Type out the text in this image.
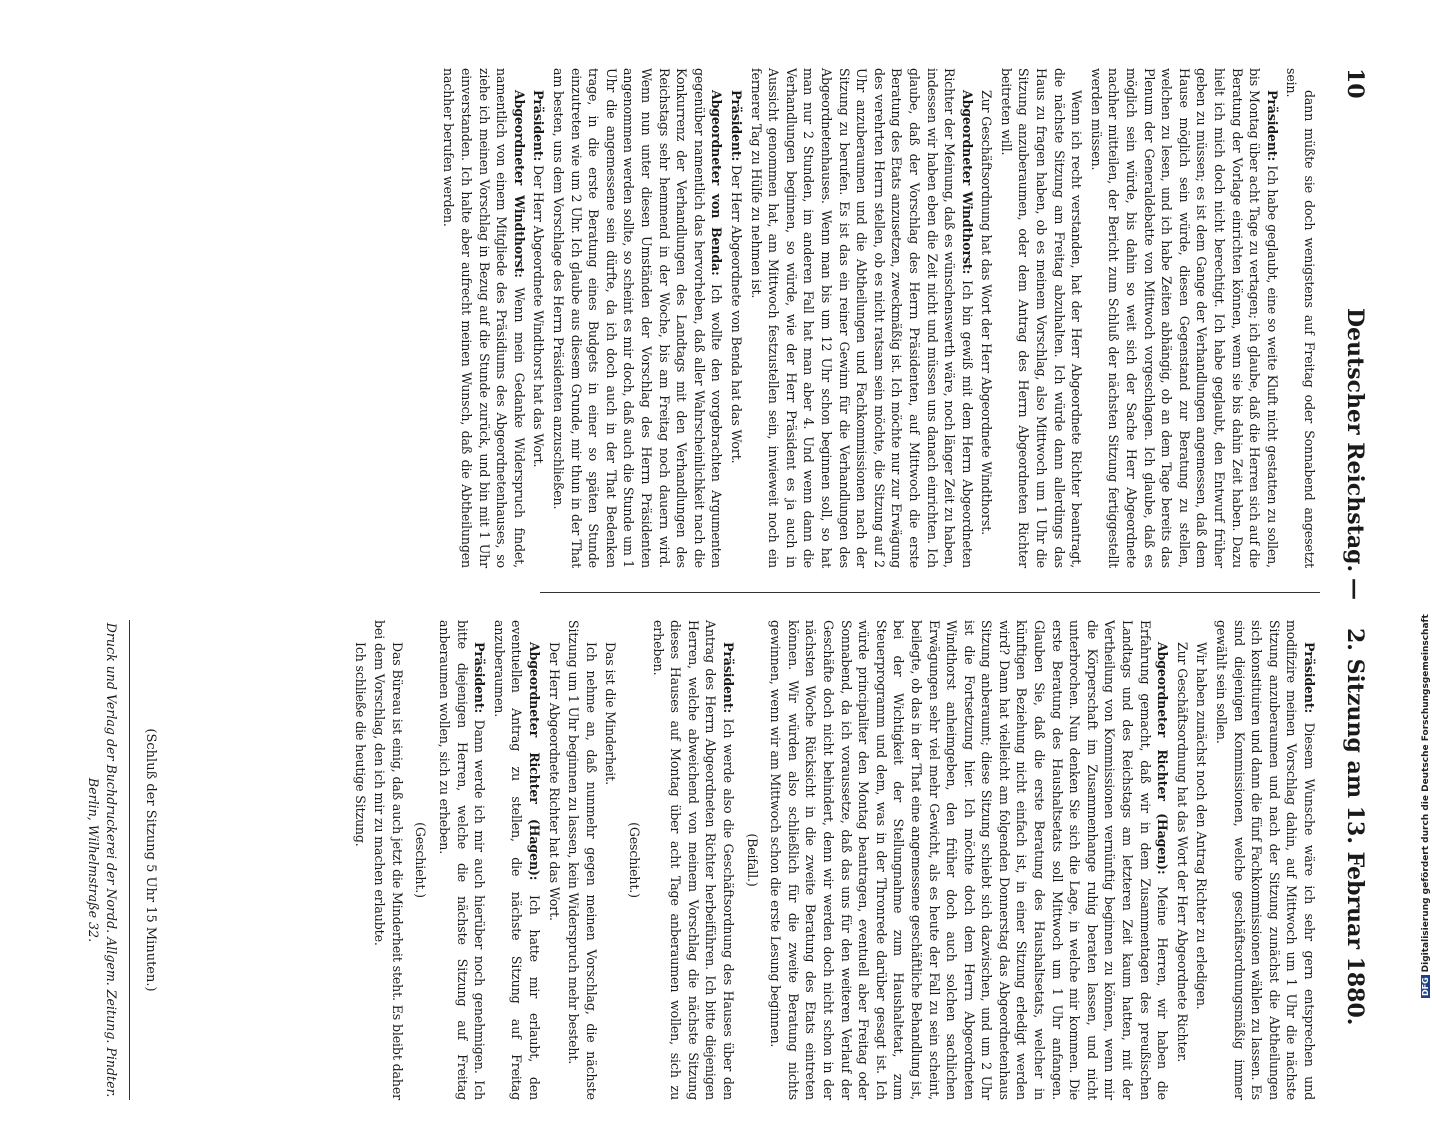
10
Deutscher Reichstag.
—
2. Sitzung am 13. Februar 1880.

dann müßte sie doch wenigstens auf Freitag oder Sonnabend angesetzt sein.

Präsident: Ich habe geglaubt, eine so weite Kluft nicht gestatten zu sollen, bis Montag über acht Tage zu vertagen; ich glaube, daß die Herren sich auf die Beratung der Vorlage einrichten können, wenn sie bis dahin Zeit haben. Dazu hielt ich mich doch nicht berechtigt. Ich habe geglaubt, den Entwurf früher geben zu müssen; es ist dem Gange der Verhandlungen angemessen, daß dem Hause möglich sein würde, diesen Gegenstand zur Beratung zu stellen, welchen zu lesen, und ich habe Zeiten abhängig, ob an dem Tage bereits das Plenum der Generaldebatte von Mittwoch vorgeschlagen. Ich glaube, daß es möglich sein würde, bis dahin so weit sich der Sache Herr Abgeordnete nachher mitteilen, der Bericht zum Schluß der nächsten Sitzung fertiggestellt werden müssen.

Wenn ich recht verstanden, hat der Herr Abgeordnete Richter beantragt, die nächste Sitzung am Freitag abzuhalten. Ich würde dann allerdings das Haus zu fragen haben, ob es meinem Vorschlag, also Mittwoch um 1 Uhr die Sitzung anzuberaumen, oder dem Antrag des Herrn Abgeordneten Richter beitreten will.

Zur Geschäftsordnung hat das Wort der Herr Abgeordnete Windthorst.

Abgeordneter Windthorst: Ich bin gewiß mit dem Herrn Abgeordneten Richter der Meinung, daß es wünschenswerth wäre, noch länger Zeit zu haben, indessen wir haben eben die Zeit nicht und müssen uns danach einrichten. Ich glaube, daß der Vorschlag des Herrn Präsidenten, auf Mittwoch die erste Beratung des Etats anzusetzen, zweckmäßig ist. Ich möchte nur zur Erwägung des verehrten Herrn stellen, ob es nicht ratsam sein möchte, die Sitzung auf 2 Uhr anzuberaumen und die Abtheilungen und Fachkommissionen nach der Sitzung zu berufen. Es ist das ein reiner Gewinn für die Verhandlungen des Abgeordnetenhauses. Wenn man bis um 12 Uhr schon beginnen soll, so hat man nur 2 Stunden, im anderen Fall hat man aber 4. Und wenn dann die Verhandlungen beginnen, so würde, wie der Herr Präsident es ja auch in Aussicht genommen hat, am Mittwoch festzustellen sein, inwieweit noch ein fernerer Tag zu Hülfe zu nehmen ist.

Präsident: Der Herr Abgeordnete von Benda hat das Wort.

Abgeordneter von Benda: Ich wollte den vorgebrachten Argumenten gegenüber namentlich das hervorheben, daß aller Wahrscheinlichkeit nach die Konkurrenz der Verhandlungen des Landtags mit den Verhandlungen des Reichstags sehr hemmend in der Woche, bis am Freitag noch dauern wird. Wenn nun unter diesen Umständen der Vorschlag des Herrn Präsidenten angenommen werden sollte, so scheint es mir doch, daß auch die Stunde um 1 Uhr die angemessene sein dürfte, da ich doch auch in der That Bedenken trage, in die erste Beratung eines Budgets in einer so späten Stunde einzutreten wie um 2 Uhr. Ich glaube aus diesem Grunde, mir thun in der That am besten, uns dem Vorschlage des Herrn Präsidenten anzuschließen.

Präsident: Der Herr Abgeordnete Windthorst hat das Wort.

Abgeordneter Windthorst: Wenn mein Gedanke Widerspruch findet, namentlich von einem Mitgliede des Präsidiums des Abgeordnetenhauses, so ziehe ich meinen Vorschlag in Bezug auf die Stunde zurück, und bin mit 1 Uhr einverstanden. Ich halte aber aufrecht meinen Wunsch, daß die Abtheilungen nachher berufen werden.

Präsident: Diesem Wunsche wäre ich sehr gern entsprechen und modifizire meinen Vorschlag dahin, auf Mittwoch um 1 Uhr die nächste Sitzung anzuberaumen und nach der Sitzung zunächst die Abtheilungen sich konstituiren und dann die fünf Fachkommissionen wählen zu lassen. Es sind diejenigen Kommissionen, welche geschäftsordnungsmäßig immer gewählt sein sollen.

Wir haben zunächst noch den Antrag Richter zu erledigen.

Zur Geschäftsordnung hat das Wort der Herr Abgeordnete Richter.

Abgeordneter Richter (Hagen): Meine Herren, wir haben die Erfahrung gemacht, daß wir in dem Zusammentagen des preußischen Landtags und des Reichstags am letzteren Zeit kaum hatten, mit der Vertheilung von Kommissionen vernünftig beginnen zu können, wenn mir die Körperschaft im Zusammenhange ruhig beraten lassen, und nicht unterbrochen. Nun denken Sie sich die Lage, in welche mir kommen. Die erste Beratung des Haushaltsetats soll Mittwoch um 1 Uhr anfangen. Glauben Sie, daß die erste Beratung des Haushaltsetats, welcher in künftigen Beziehung nicht einfach ist, in einer Sitzung erledigt werden wird? Dann hat vielleicht am folgenden Donnerstag das Abgeordnetenhaus Sitzung anberaumt; diese Sitzung schiebt sich dazwischen, und um 2 Uhr ist die Fortsetzung hier. Ich möchte doch dem Herrn Abgeordneten Windthorst anheimgeben, den früher doch auch solchen sachlichen Erwägungen sehr viel mehr Gewicht, als es heute der Fall zu sein scheint, beilegte, ob das in der That eine angemessene geschäftliche Behandlung ist, bei der Wichtigkeit der Stellungnahme zum Haushaltetat, zum Steuerprogramm und dem, was in der Thronrede darüber gesagt ist. Ich würde principaliter den Montag beantragen, eventuell aber Freitag oder Sonnabend, da ich voraussetze, daß das uns für den weiteren Verlauf der Geschäfte doch nicht behindert, denn wir werden doch nicht schon in der nächsten Woche Rücksicht in die zweite Beratung des Etats eintreten können. Wir würden also schließlich für die zweite Beratung nichts gewinnen, wenn wir am Mittwoch schon die erste Lesung beginnen.

(Beifall.)

Präsident: Ich werde also die Geschäftsordnung des Hauses über den Antrag des Herrn Abgeordneten Richter herbeiführen. Ich bitte diejenigen Herren, welche abweichend von meinem Vorschlag die nächste Sitzung dieses Hauses auf Montag über acht Tage anberaumen wollen, sich zu erheben.

(Geschieht.)

Das ist die Minderheit.

Ich nehme an, daß nunmehr gegen meinen Vorschlag, die nächste Sitzung um 1 Uhr beginnen zu lassen, kein Widerspruch mehr besteht.

Der Herr Abgeordnete Richter hat das Wort.

Abgeordneter Richter (Hagen): Ich hatte mir erlaubt, den eventuellen Antrag zu stellen, die nächste Sitzung auf Freitag anzuberaumen.

Präsident: Dann werde ich mir auch hierüber noch genehmigen. Ich bitte diejenigen Herren, welche die nächste Sitzung auf Freitag anberaumen wollen, sich zu erheben.

(Geschieht.)

Das Büreau ist einig, daß auch jetzt die Minderheit steht. Es bleibt daher bei dem Vorschlag, den ich mir zu machen erlaubte.

Ich schließe die heutige Sitzung.

(Schluß der Sitzung 5 Uhr 15 Minuten.)
Druck und Verlag der Buchdruckerei der Nordd. Allgem. Zeitung. Pindter. Berlin, Wilhelmstraße 32.
DFGDigitalisierung gefördert durch die Deutsche Forschungsgemeinschaft
